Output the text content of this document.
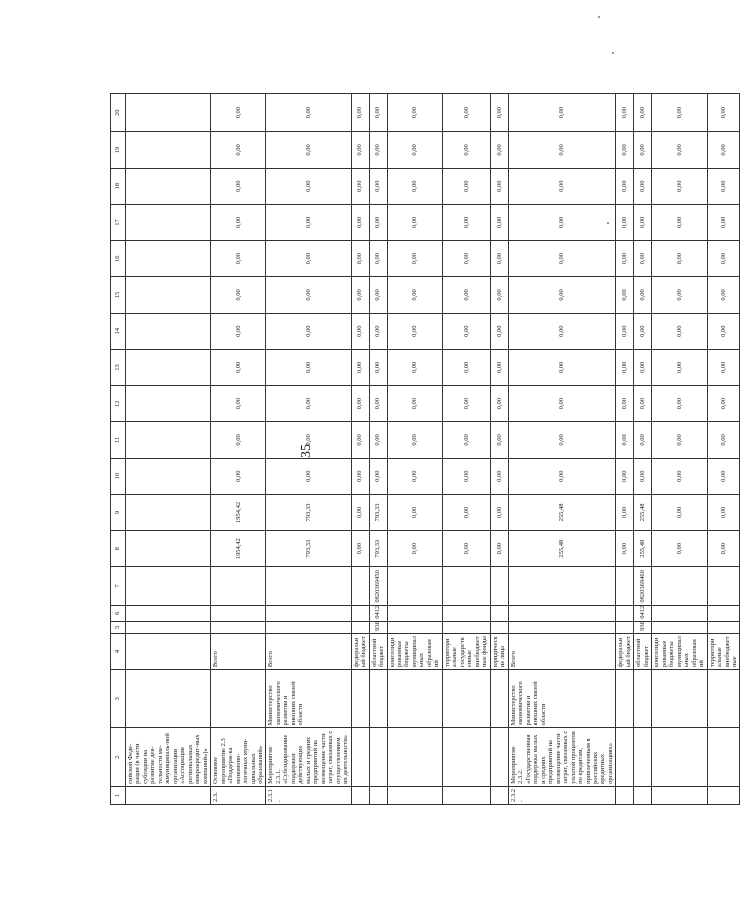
35
1	2	3	4	5	6	7	8	9	10	11	12	13	14	15	16	17	18	19	20
	сийской Феде-рации (в части субсидии на развитие дея-тельности ме-жмуниципаль-ной организации «Ассоциация региональных микрокредит-ных компаний»)»																		
2.3.	Основное мероприятие 2.3 «Поддерж-ка мономоно-логичных муни-ципальных образований»		Всего				1954,42	1954,42	0,00	0,00	0,00	0,00	0,00	0,00	0,00	0,00	0,00	0,00	0,00
2.3.1.	Мероприятие 2.3.1. «Субсидирование поддержки действующих малых и средних предприятий на возмещение части затрат, связанных с осуществлением их деятельности»	Министерство экономического развития и внешних связей области	Всего				793,33	793,33	0,00	0,00	0,00	0,00	0,00	0,00	0,00	0,00	0,00	0,00	0,00
			федеральный бюджет				0,00	0,00	0,00	0,00	0,00	0,00	0,00	0,00	0,00	0,00	0,00	0,00	0,00
			областной бюджет	936	0412	0820369450	793,33	793,33	0,00	0,00	0,00	0,00	0,00	0,00	0,00	0,00	0,00	0,00	0,00
			консолидированные бюджеты муниципальных образований				0,00	0,00	0,00	0,00	0,00	0,00	0,00	0,00	0,00	0,00	0,00	0,00	0,00
			территориальные государственные внебюджетные фонды				0,00	0,00	0,00	0,00	0,00	0,00	0,00	0,00	0,00	0,00	0,00	0,00	0,00
			юридические лица				0,00	0,00	0,00	0,00	0,00	0,00	0,00	0,00	0,00	0,00	0,00	0,00	0,00
2.3.2.	Мероприятие 2.3.2. «Государственная поддержка малых и средних предприятий на возмещение части затрат, связанных с уплатой процентов по кредитам, привлеченным в российских кредитных организациях»	Министерство экономического развития и внешних связей области	Всего				255,48	255,48	0,00	0,00	0,00	0,00	0,00	0,00	0,00	0,00	0,00	0,00	0,00
			федеральный бюджет				0,00	0,00	0,00	0,00	0,00	0,00	0,00	0,00	0,00	0,00	0,00	0,00	0,00
			областной бюджет	936	0412	0820369460	255,48	255,48	0,00	0,00	0,00	0,00	0,00	0,00	0,00	0,00	0,00	0,00	0,00
			консолидированные бюджеты муниципальных образований				0,00	0,00	0,00	0,00	0,00	0,00	0,00	0,00	0,00	0,00	0,00	0,00	0,00
			территориальные внебюджетные				0,00	0,00	0,00	0,00	0,00	0,00	0,00	0,00	0,00	0,00	0,00	0,00	0,00
